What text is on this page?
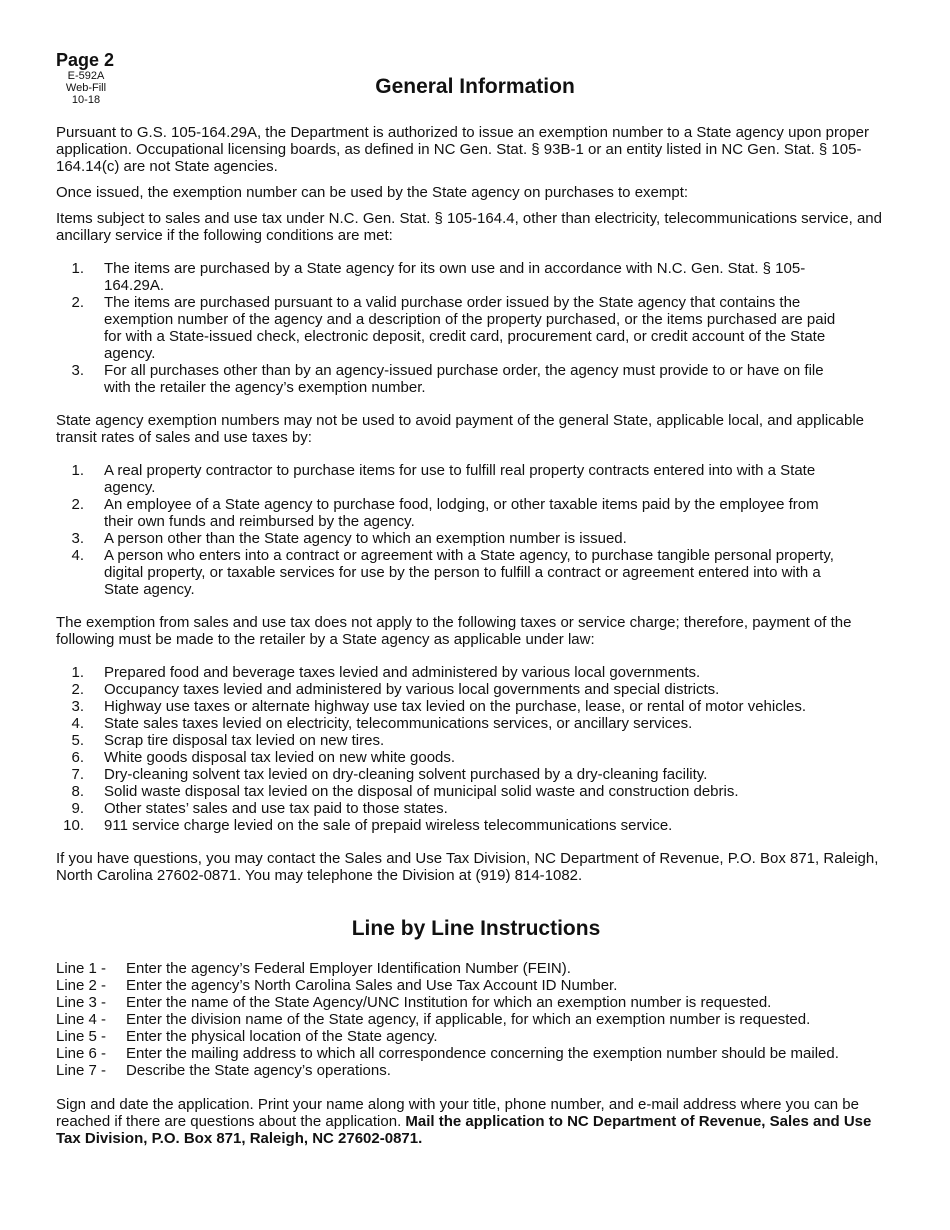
Page 2
E-592A
Web-Fill
10-18
General Information

Pursuant to G.S. 105-164.29A, the Department is authorized to issue an exemption number to a State agency upon proper application. Occupational licensing boards, as defined in NC Gen. Stat. § 93B-1 or an entity listed in NC Gen. Stat. § 105-164.14(c) are not State agencies.

Once issued, the exemption number can be used by the State agency on purchases to exempt:

Items subject to sales and use tax under N.C. Gen. Stat. § 105-164.4, other than electricity, telecommunications service, and ancillary service if the following conditions are met:

1. The items are purchased by a State agency for its own use and in accordance with N.C. Gen. Stat. § 105-164.29A.
2. The items are purchased pursuant to a valid purchase order issued by the State agency that contains the exemption number of the agency and a description of the property purchased, or the items purchased are paid for with a State-issued check, electronic deposit, credit card, procurement card, or credit account of the State agency.
3. For all purchases other than by an agency-issued purchase order, the agency must provide to or have on file with the retailer the agency’s exemption number.

State agency exemption numbers may not be used to avoid payment of the general State, applicable local, and applicable transit rates of sales and use taxes by:

1. A real property contractor to purchase items for use to fulfill real property contracts entered into with a State agency.
2. An employee of a State agency to purchase food, lodging, or other taxable items paid by the employee from their own funds and reimbursed by the agency.
3. A person other than the State agency to which an exemption number is issued.
4. A person who enters into a contract or agreement with a State agency, to purchase tangible personal property, digital property, or taxable services for use by the person to fulfill a contract or agreement entered into with a State agency.

The exemption from sales and use tax does not apply to the following taxes or service charge; therefore, payment of the following must be made to the retailer by a State agency as applicable under law:

1. Prepared food and beverage taxes levied and administered by various local governments.
2. Occupancy taxes levied and administered by various local governments and special districts.
3. Highway use taxes or alternate highway use tax levied on the purchase, lease, or rental of motor vehicles.
4. State sales taxes levied on electricity, telecommunications services, or ancillary services.
5. Scrap tire disposal tax levied on new tires.
6. White goods disposal tax levied on new white goods.
7. Dry-cleaning solvent tax levied on dry-cleaning solvent purchased by a dry-cleaning facility.
8. Solid waste disposal tax levied on the disposal of municipal solid waste and construction debris.
9. Other states’ sales and use tax paid to those states.
10. 911 service charge levied on the sale of prepaid wireless telecommunications service.

If you have questions, you may contact the Sales and Use Tax Division, NC Department of Revenue, P.O. Box 871, Raleigh, North Carolina 27602-0871. You may telephone the Division at (919) 814-1082.

Line by Line Instructions
Line 1 -	Enter the agency’s Federal Employer Identification Number (FEIN).
Line 2 -	Enter the agency’s North Carolina Sales and Use Tax Account ID Number.
Line 3 -	Enter the name of the State Agency/UNC Institution for which an exemption number is requested.
Line 4 -	Enter the division name of the State agency, if applicable, for which an exemption number is requested.
Line 5 -	Enter the physical location of the State agency.
Line 6 -	Enter the mailing address to which all correspondence concerning the exemption number should be mailed.
Line 7 -	Describe the State agency’s operations.

Sign and date the application. Print your name along with your title, phone number, and e-mail address where you can be reached if there are questions about the application. Mail the application to NC Department of Revenue, Sales and Use Tax Division, P.O. Box 871, Raleigh, NC 27602-0871.
